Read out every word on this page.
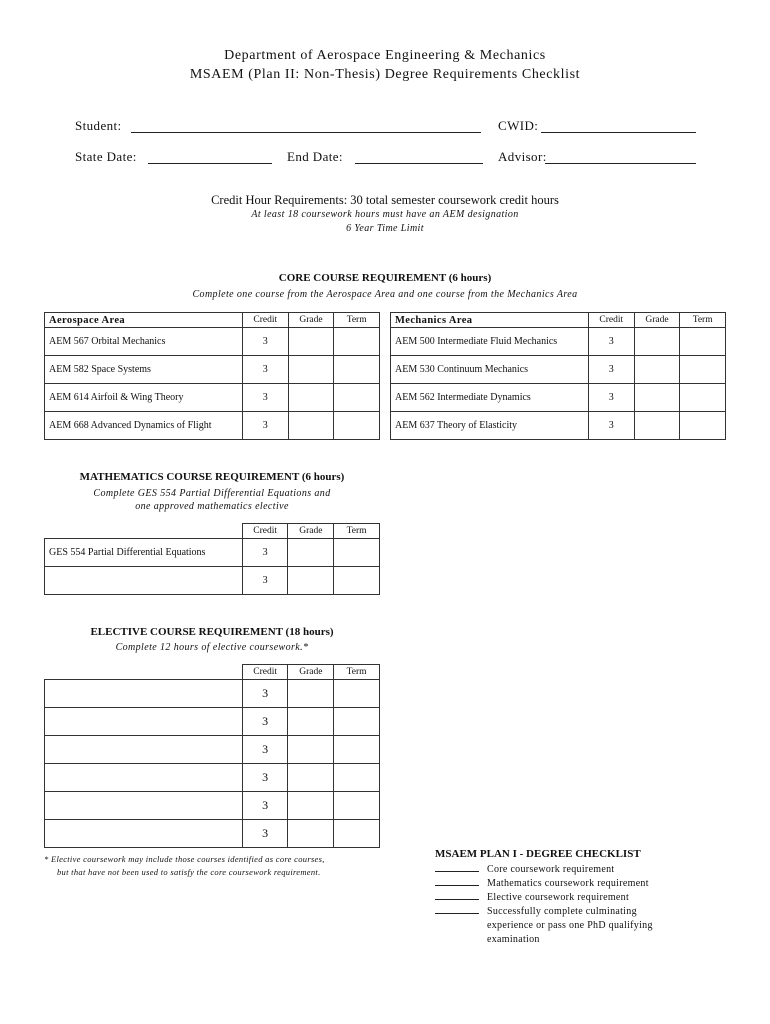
Department of Aerospace Engineering & Mechanics
MSAEM (Plan II: Non-Thesis) Degree Requirements Checklist
Student:	CWID:
State Date:	End Date:	Advisor:
Credit Hour Requirements: 30 total semester coursework credit hours
At least 18 coursework hours must have an AEM designation
6 Year Time Limit
CORE COURSE REQUIREMENT (6 hours)
Complete one course from the Aerospace Area and one course from the Mechanics Area
Aerospace Area	Credit	Grade	Term
AEM 567 Orbital Mechanics	3		
AEM 582 Space Systems	3		
AEM 614 Airfoil & Wing Theory	3		
AEM 668 Advanced Dynamics of Flight	3		
Mechanics Area	Credit	Grade	Term
AEM 500 Intermediate Fluid Mechanics	3		
AEM 530 Continuum Mechanics	3		
AEM 562 Intermediate Dynamics	3		
AEM 637 Theory of Elasticity	3		
MATHEMATICS COURSE REQUIREMENT (6 hours)
Complete GES 554 Partial Differential Equations and
one approved mathematics elective
	Credit	Grade	Term
GES 554 Partial Differential Equations	3		
	3		
ELECTIVE COURSE REQUIREMENT (18 hours)
Complete 12 hours of elective coursework.*
	Credit	Grade	Term
	3		
	3		
	3		
	3		
	3		
	3		
* Elective coursework may include those courses identified as core courses,
but that have not been used to satisfy the core coursework requirement.
MSAEM PLAN I - DEGREE CHECKLIST
Core coursework requirement
Mathematics coursework requirement
Elective coursework requirement
Successfully complete culminating
experience or pass one PhD qualifying
examination
